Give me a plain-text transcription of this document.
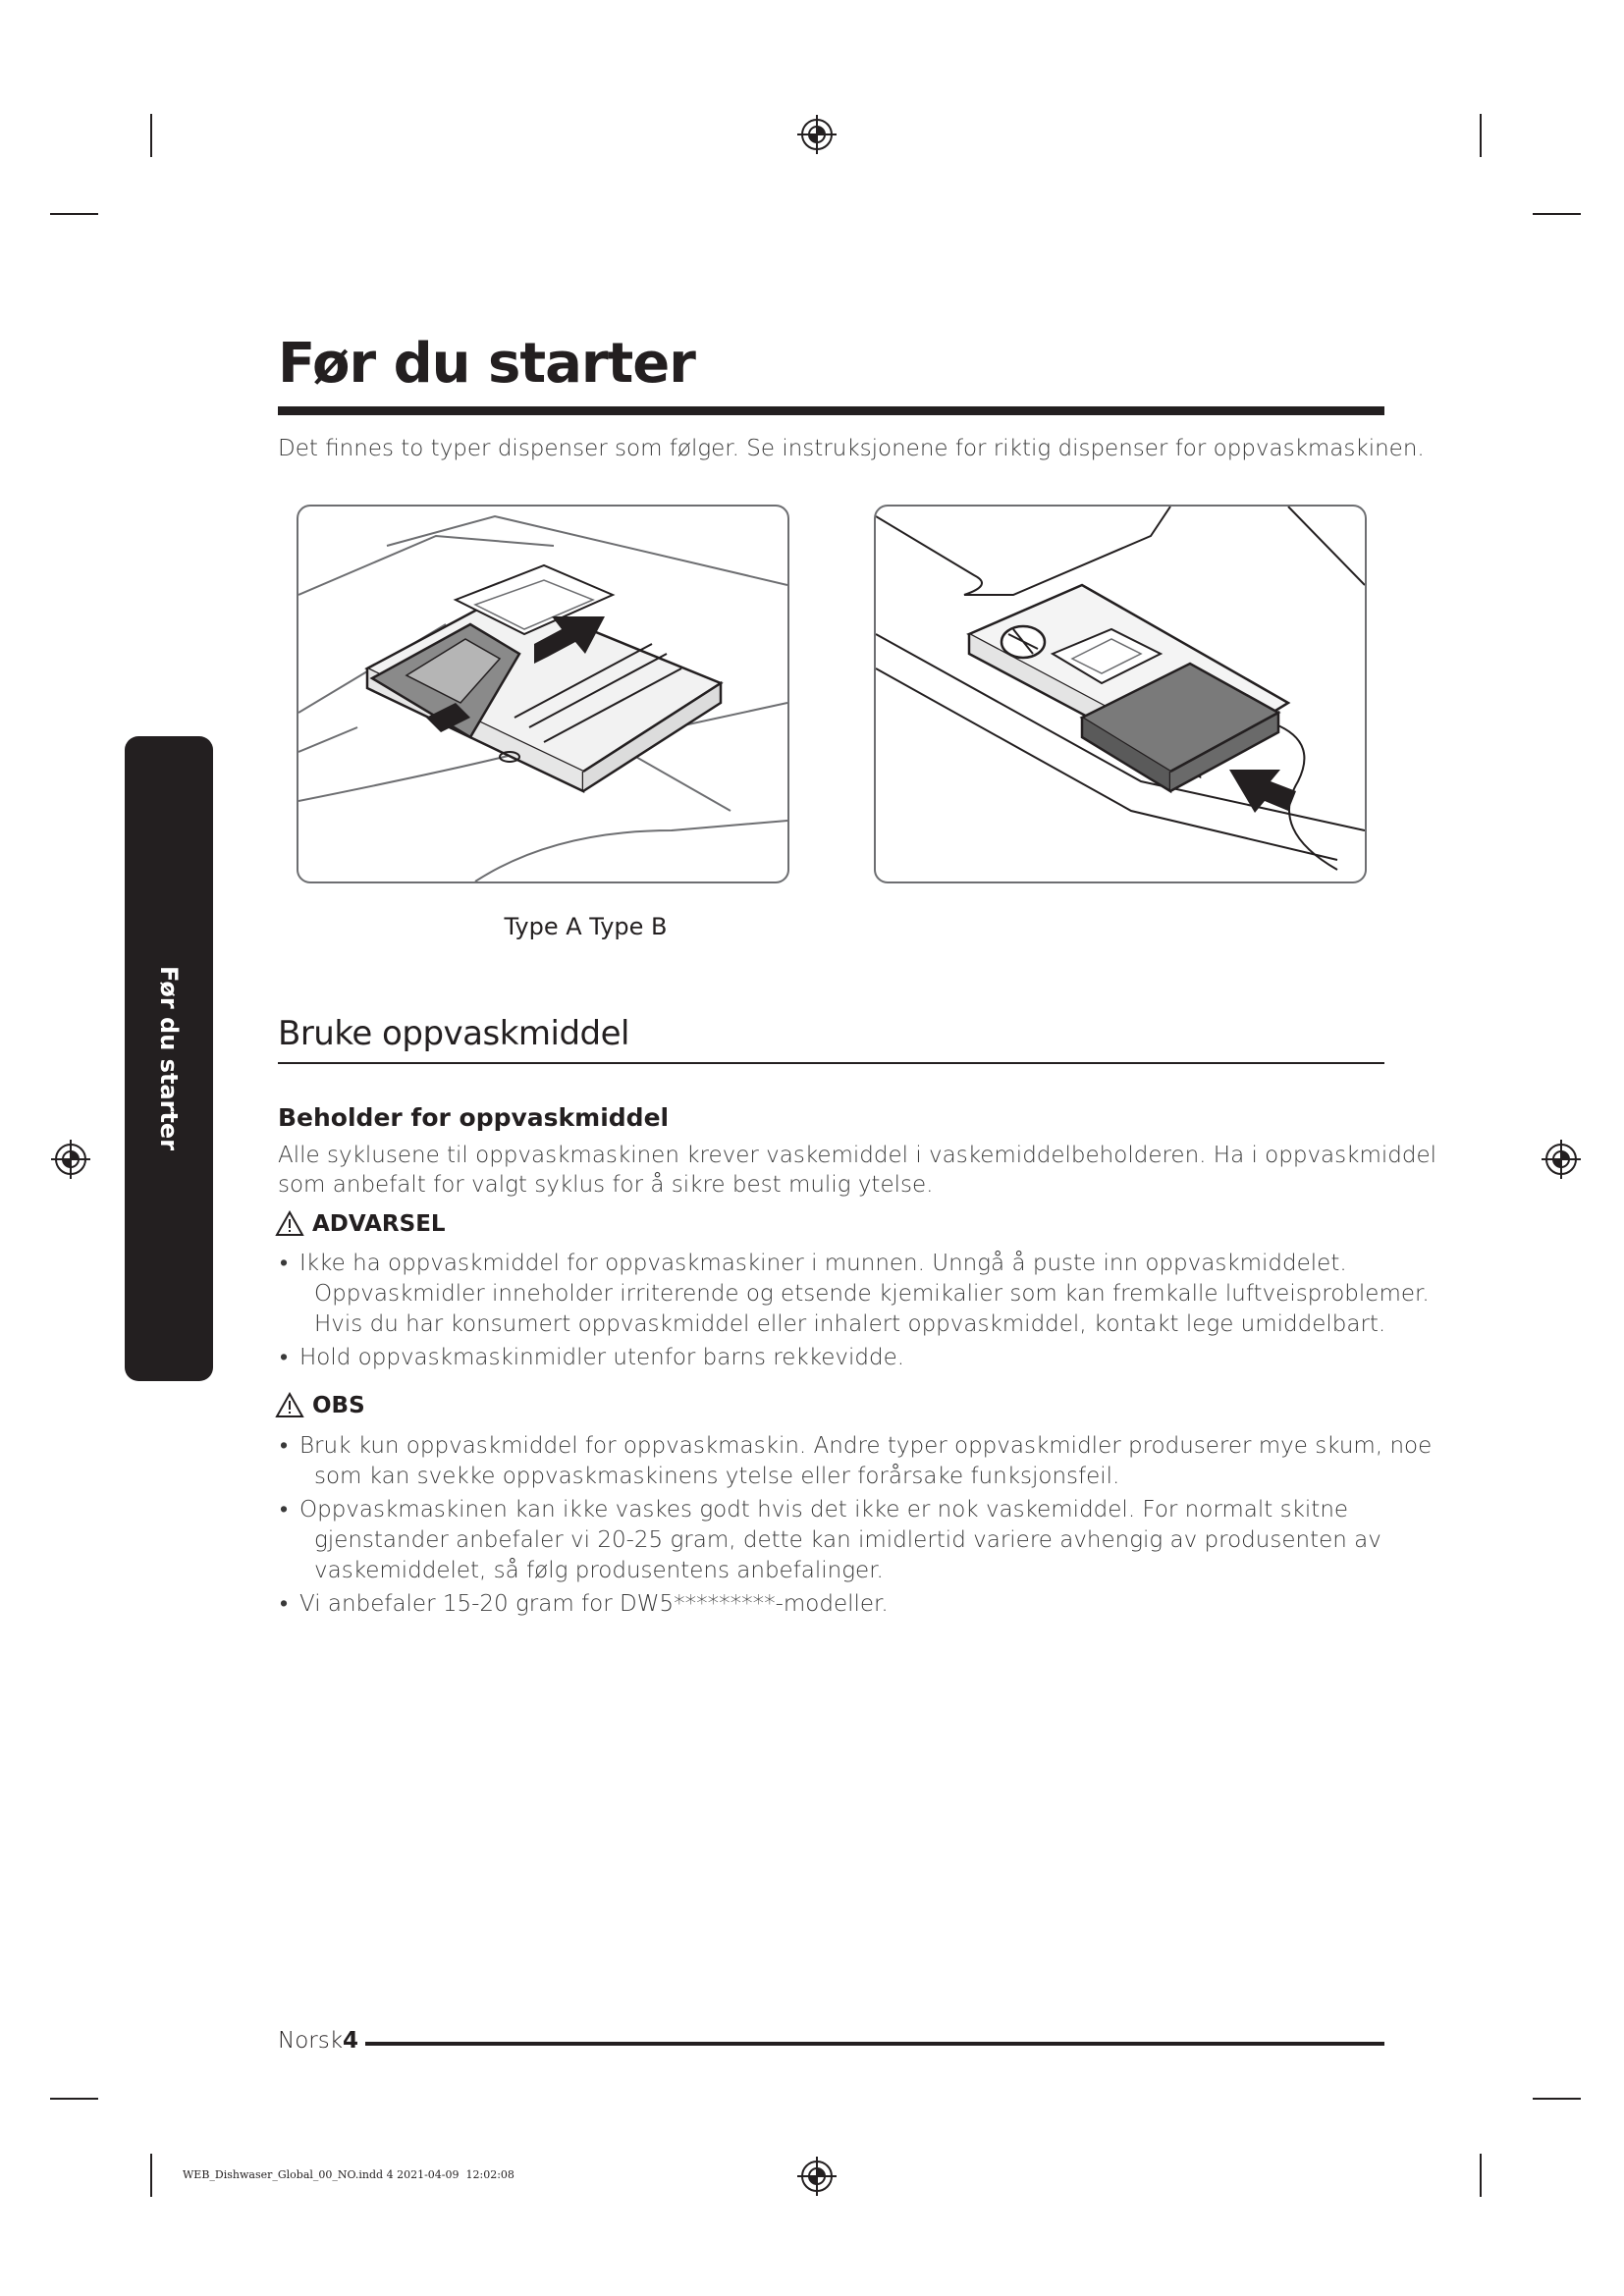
Før du starter
Før du starter

Det finnes to typer dispenser som følger. Se instruksjonene for riktig dispenser for oppvaskmaskinen.

Type A Type B

Bruke oppvaskmiddel
Beholder for oppvaskmiddel

Alle syklusene til oppvaskmaskinen krever vaskemiddel i vaskemiddelbeholderen. Ha i oppvaskmiddel

som anbefalt for valgt syklus for å sikre best mulig ytelse.

ADVARSEL
• Ikke ha oppvaskmiddel for oppvaskmaskiner i munnen. Unngå å puste inn oppvaskmiddelet.
Oppvaskmidler inneholder irriterende og etsende kjemikalier som kan fremkalle luftveisproblemer.
Hvis du har konsumert oppvaskmiddel eller inhalert oppvaskmiddel, kontakt lege umiddelbart.
• Hold oppvaskmaskinmidler utenfor barns rekkevidde.
OBS
• Bruk kun oppvaskmiddel for oppvaskmaskin. Andre typer oppvaskmidler produserer mye skum, noe
som kan svekke oppvaskmaskinens ytelse eller forårsake funksjonsfeil.
• Oppvaskmaskinen kan ikke vaskes godt hvis det ikke er nok vaskemiddel. For normalt skitne
gjenstander anbefaler vi 20-25 gram, dette kan imidlertid variere avhengig av produsenten av
vaskemiddelet, så følg produsentens anbefalinger.
• Vi anbefaler 15-20 gram for DW5*********-modeller.
Norsk4
WEB_Dishwaser_Global_00_NO.indd 4 2021-04-09 ￼ 12:02:08
